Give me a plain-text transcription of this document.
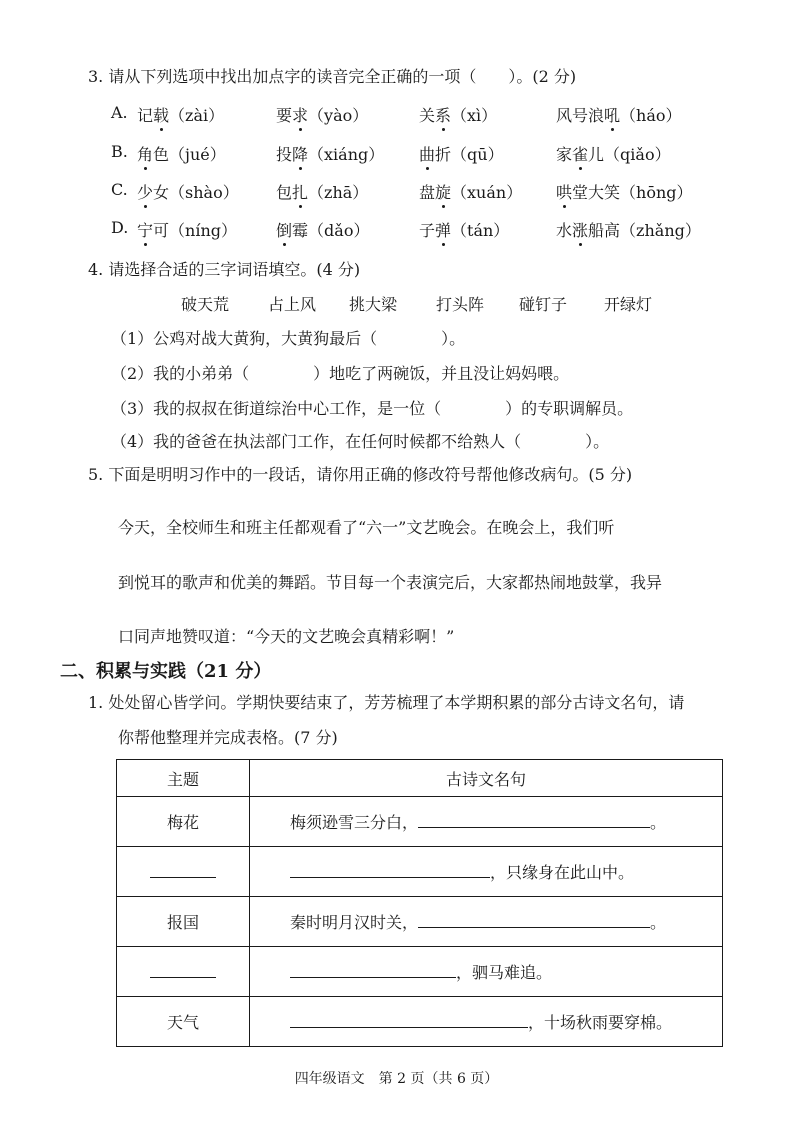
3. 请从下列选项中找出加点字的读音完全正确的一项（　　）。(2 分)
A. 记载（zài）	要求（yào）	关系（xì）	风号浪吼（háo）
B. 角色（jué）	投降（xiáng） 曲折（qū）	家雀儿（qiǎo）
C. 少女（shào） 包扎（zhā）	盘旋（xuán） 哄堂大笑（hōng）
D. 宁可（níng） 倒霉（dǎo）	子弹（tán）	水涨船高（zhǎng）
4. 请选择合适的三字词语填空。(4 分)
破天荒 占上风 挑大梁 打头阵 碰钉子 开绿灯
（1）公鸡对战大黄狗，大黄狗最后（　　　　）。
（2）我的小弟弟（　　　　）地吃了两碗饭，并且没让妈妈喂。
（3）我的叔叔在街道综治中心工作，是一位（　　　　）的专职调解员。
（4）我的爸爸在执法部门工作，在任何时候都不给熟人（　　　　）。
5. 下面是明明习作中的一段话，请你用正确的修改符号帮他修改病句。(5 分)
今天，全校师生和班主任都观看了“六一”文艺晚会。在晚会上，我们听
到悦耳的歌声和优美的舞蹈。节目每一个表演完后，大家都热闹地鼓掌，我异
口同声地赞叹道：“今天的文艺晚会真精彩啊！”
二、积累与实践（21 分）
1. 处处留心皆学问。学期快要结束了，芳芳梳理了本学期积累的部分古诗文名句，请
你帮他整理并完成表格。(7 分)
主题	古诗文名句
梅花	梅须逊雪三分白， 。
	，只缘身在此山中。
报国	秦时明月汉时关， 。
	，驷马难追。
天气	，十场秋雨要穿棉。
四年级语文　第 2 页（共 6 页）
